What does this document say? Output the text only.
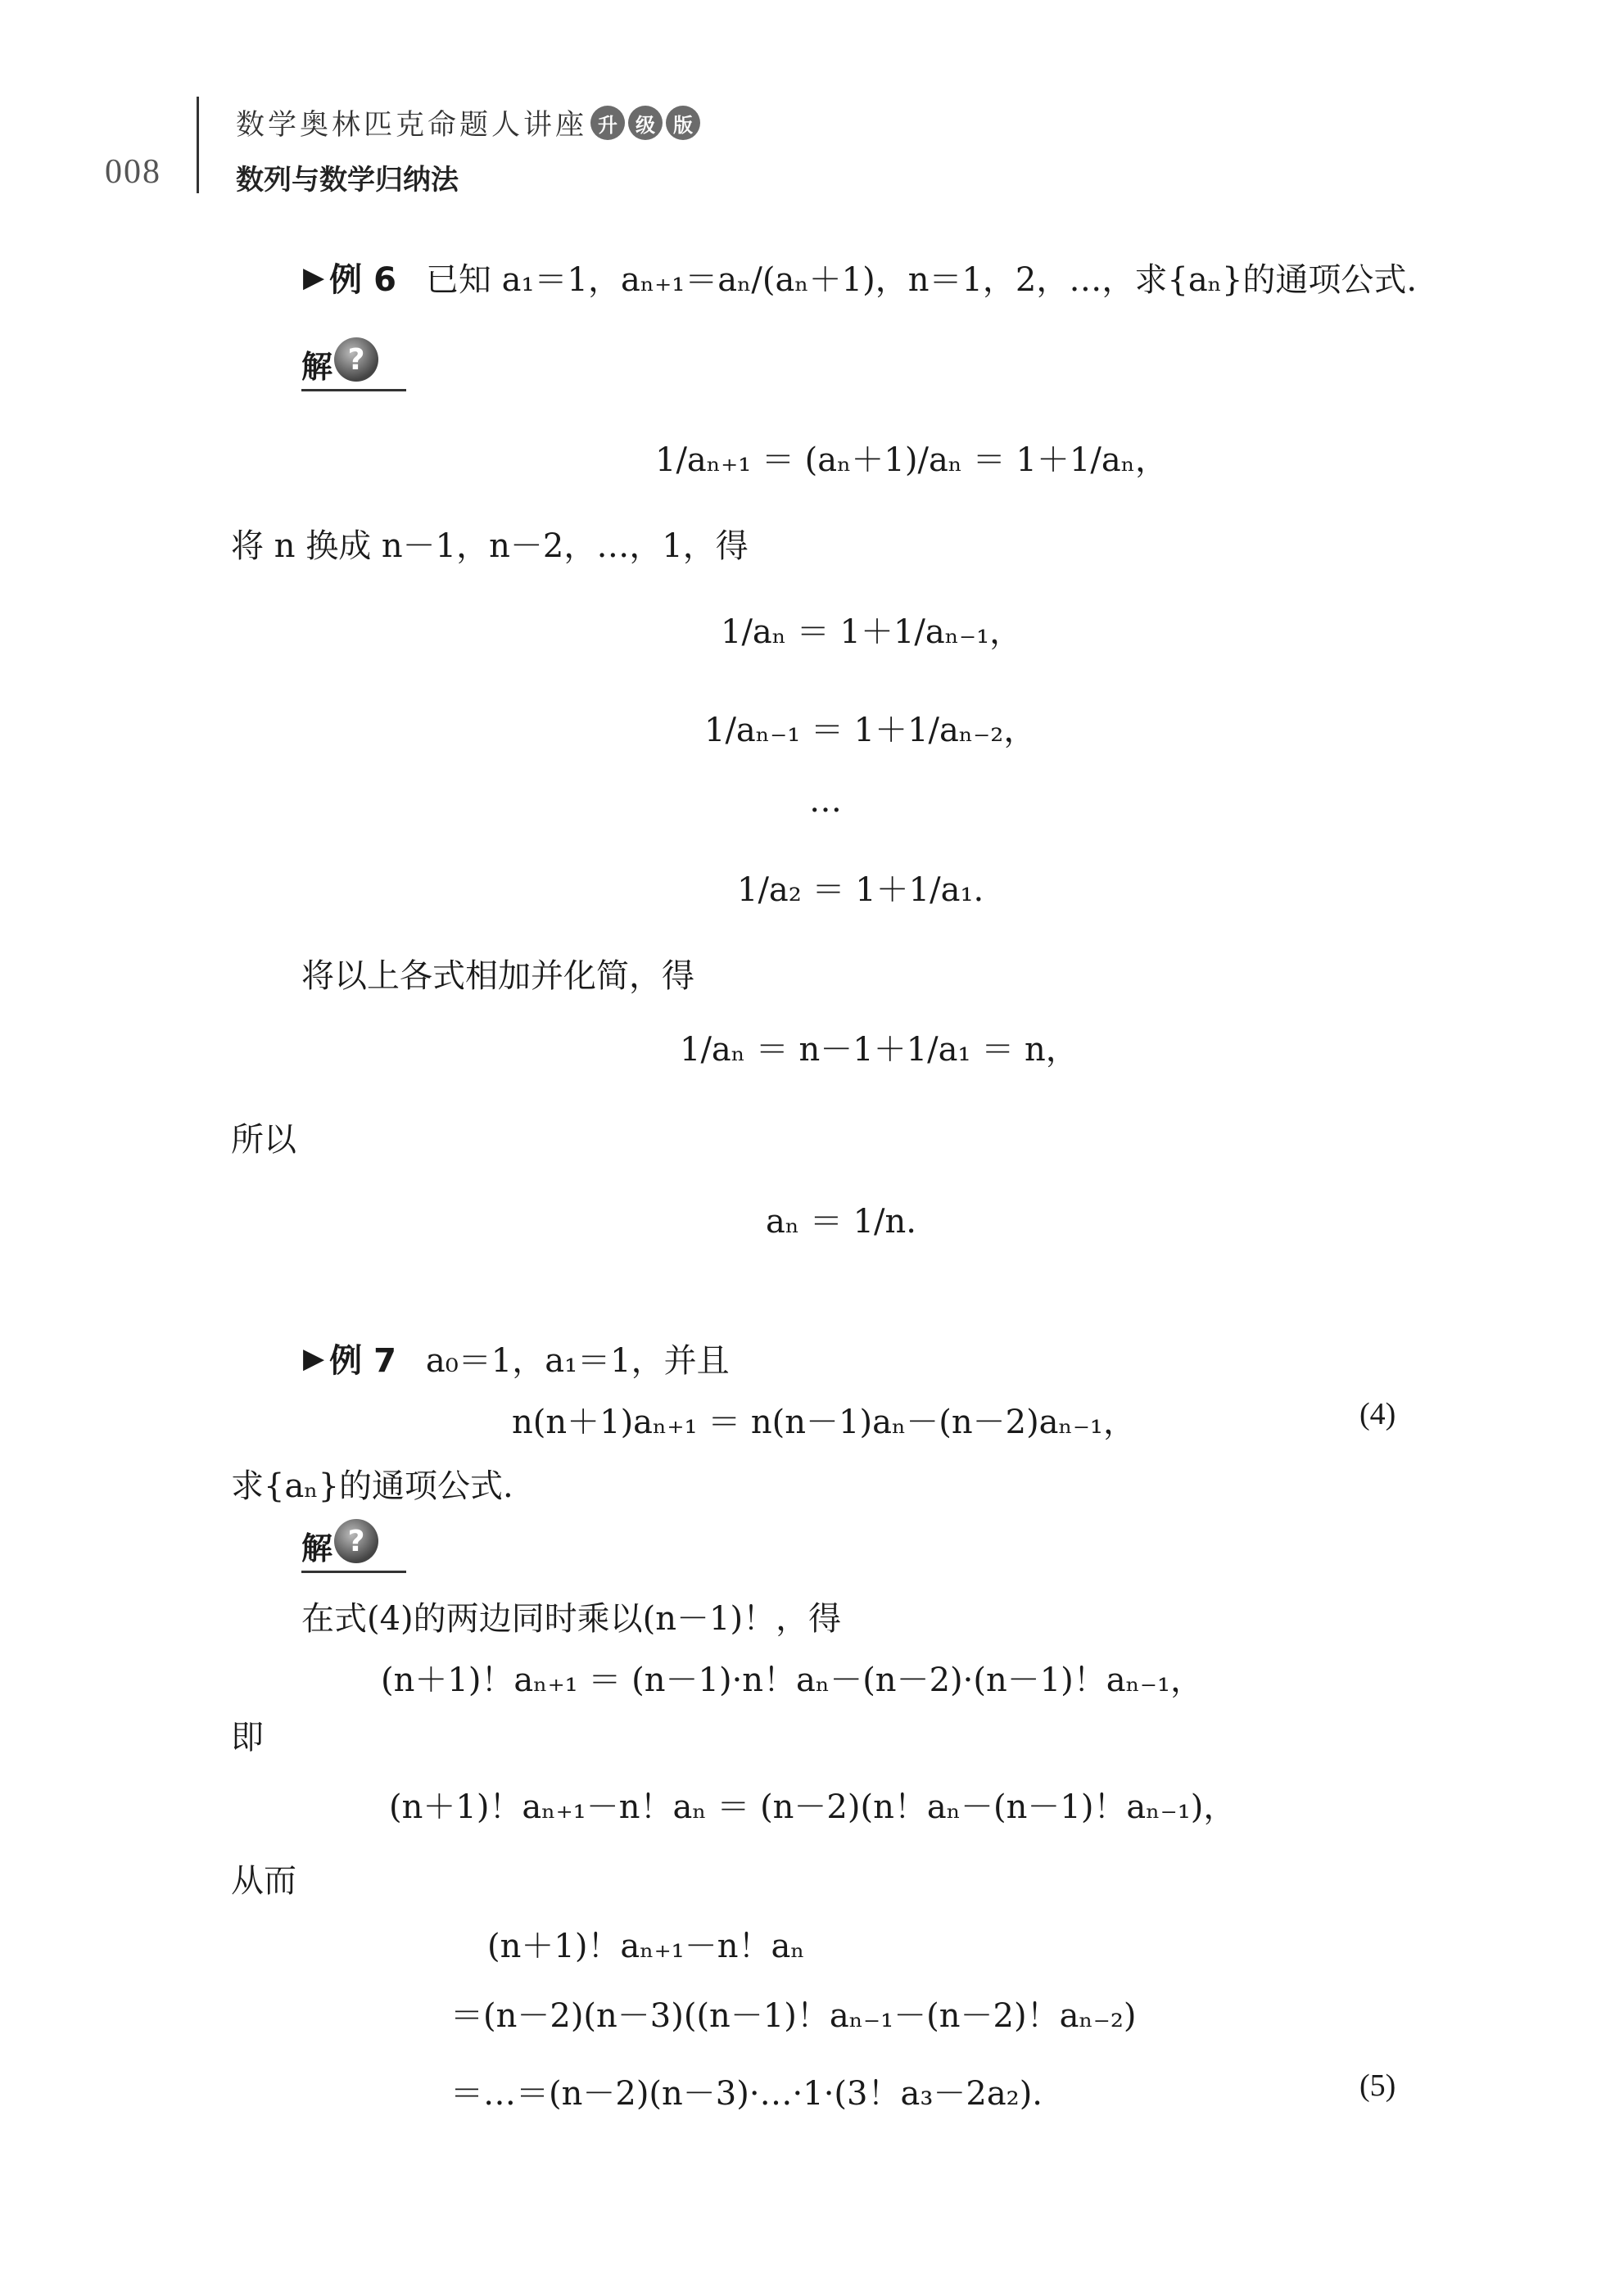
008
数学奥林匹克命题人讲座 升 级 版
数列与数学归纳法
▶ 例 6 已知 a₁＝1，aₙ₊₁＝aₙ/(aₙ＋1)，n＝1，2，…，求{aₙ}的通项公式.
解 ?
1/aₙ₊₁ ＝ (aₙ＋1)/aₙ ＝ 1＋1/aₙ，
将 n 换成 n－1，n－2，…，1，得
1/aₙ ＝ 1＋1/aₙ₋₁，
1/aₙ₋₁ ＝ 1＋1/aₙ₋₂，
…
1/a₂ ＝ 1＋1/a₁.
将以上各式相加并化简，得
1/aₙ ＝ n－1＋1/a₁ ＝ n，
所以
aₙ ＝ 1/n.
▶ 例 7 a₀＝1，a₁＝1，并且
n(n＋1)aₙ₊₁ ＝ n(n－1)aₙ－(n－2)aₙ₋₁，	(4)
求{aₙ}的通项公式.
解 ?
在式(4)的两边同时乘以(n－1)！，得
(n＋1)！aₙ₊₁ ＝ (n－1)·n！aₙ－(n－2)·(n－1)！aₙ₋₁，
即
(n＋1)！aₙ₊₁－n！aₙ ＝ (n－2)(n！aₙ－(n－1)！aₙ₋₁)，
从而
(n＋1)！aₙ₊₁－n！aₙ
＝(n－2)(n－3)((n－1)！aₙ₋₁－(n－2)！aₙ₋₂)
＝…＝(n－2)(n－3)·…·1·(3！a₃－2a₂).	(5)
